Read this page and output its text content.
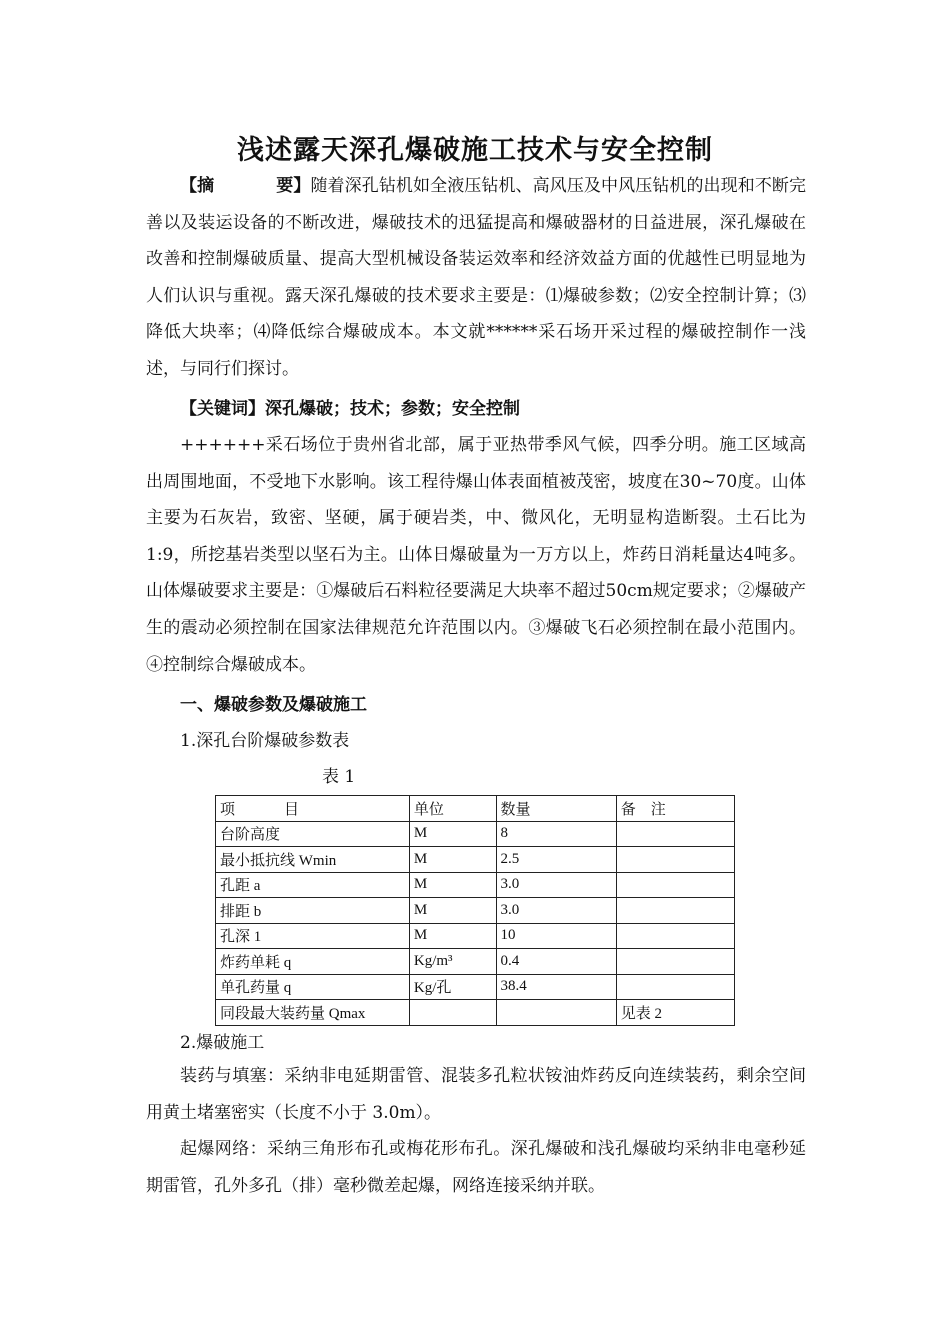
浅述露天深孔爆破施工技术与安全控制

【摘	要】随着深孔钻机如全液压钻机、高风压及中风压钻机的出现和不断完善以及装运设备的不断改进，爆破技术的迅猛提高和爆破器材的日益进展，深孔爆破在改善和控制爆破质量、提高大型机械设备装运效率和经济效益方面的优越性已明显地为人们认识与重视。露天深孔爆破的技术要求主要是：⑴爆破参数；⑵安全控制计算；⑶降低大块率；⑷降低综合爆破成本。本文就******采石场开采过程的爆破控制作一浅述，与同行们探讨。

【关键词】深孔爆破；技术；参数；安全控制

++++++采石场位于贵州省北部，属于亚热带季风气候，四季分明。施工区域高出周围地面，不受地下水影响。该工程待爆山体表面植被茂密，坡度在30~70度。山体主要为石灰岩，致密、坚硬，属于硬岩类，中、微风化，无明显构造断裂。土石比为1:9，所挖基岩类型以坚石为主。山体日爆破量为一万方以上，炸药日消耗量达4吨多。山体爆破要求主要是：①爆破后石料粒径要满足大块率不超过50cm规定要求；②爆破产生的震动必须控制在国家法律规范允许范围以内。③爆破飞石必须控制在最小范围内。④控制综合爆破成本。

一、爆破参数及爆破施工
1.深孔台阶爆破参数表
表 1
项　　　目	单位	数量	备　注
台阶高度	M	8	
最小抵抗线 Wmin	M	2.5	
孔距 a	M	3.0	
排距 b	M	3.0	
孔深 1	M	10	
炸药单耗 q	Kg/m³	0.4	
单孔药量 q	Kg/孔	38.4	
同段最大装药量 Qmax			见表 2
2.爆破施工

装药与填塞：采纳非电延期雷管、混装多孔粒状铵油炸药反向连续装药，剩余空间用黄土堵塞密实（长度不小于 3.0m）。

起爆网络：采纳三角形布孔或梅花形布孔。深孔爆破和浅孔爆破均采纳非电毫秒延期雷管，孔外多孔（排）毫秒微差起爆，网络连接采纳并联。
